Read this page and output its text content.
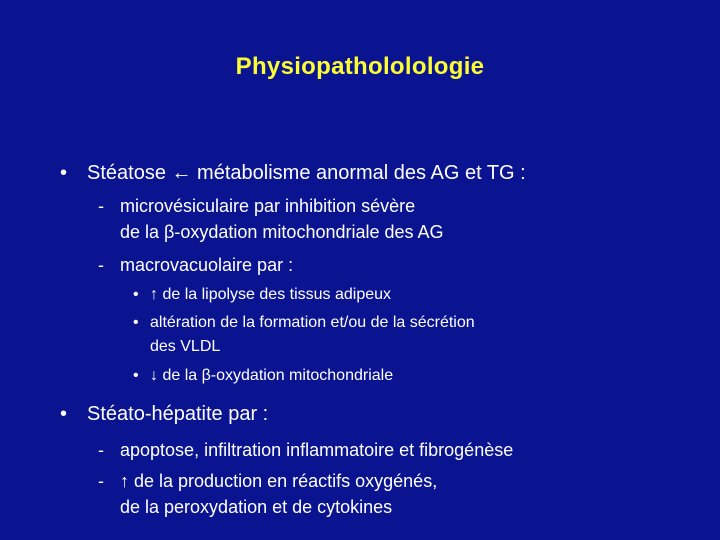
Physiopathololologie
• Stéatose ← métabolisme anormal des AG et TG :
- microvésiculaire par inhibition sévère
de la β-oxydation mitochondriale des AG
- macrovacuolaire par :
• ↑ de la lipolyse des tissus adipeux
• altération de la formation et/ou de la sécrétion
des VLDL
• ↓ de la β-oxydation mitochondriale
• Stéato-hépatite par :
- apoptose, infiltration inflammatoire et fibrogénèse
- ↑ de la production en réactifs oxygénés,
de la peroxydation et de cytokines
